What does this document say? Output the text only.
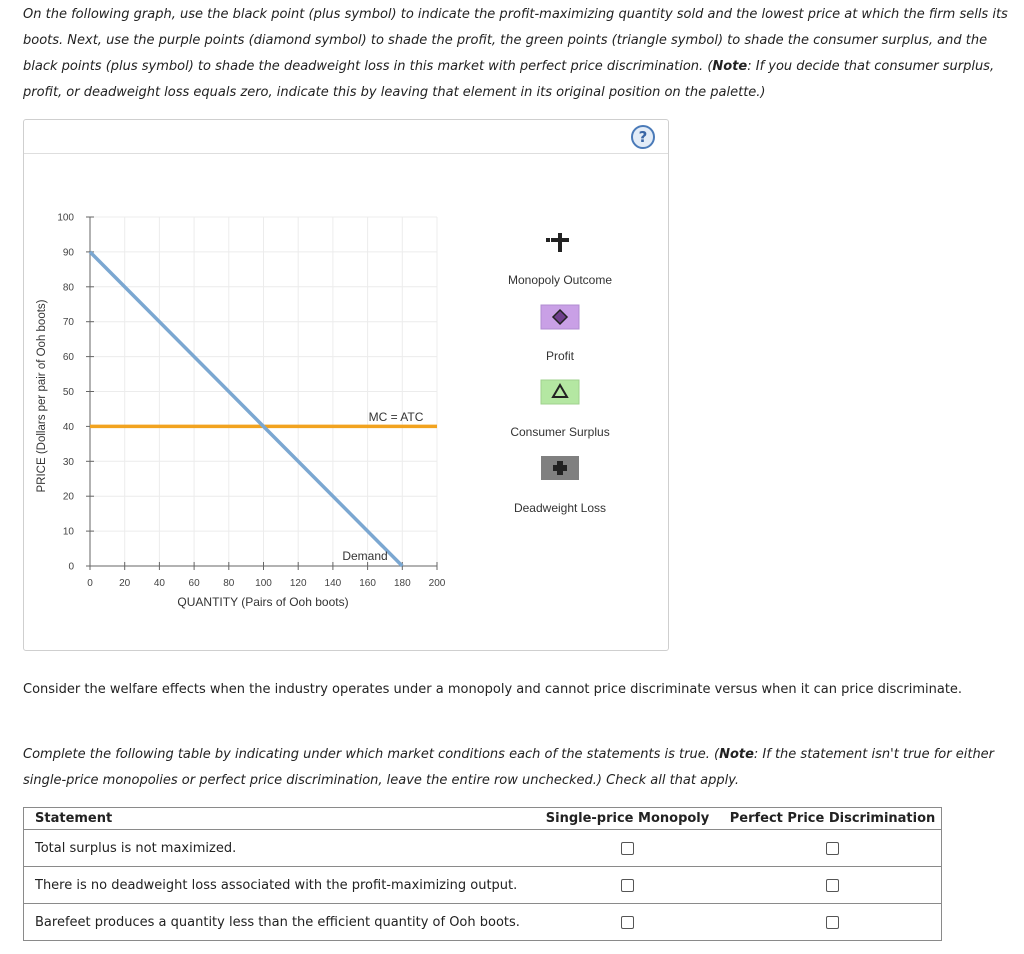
On the following graph, use the black point (plus symbol) to indicate the profit-maximizing quantity sold and the lowest price at which the firm sells its boots. Next, use the purple points (diamond symbol) to shade the profit, the green points (triangle symbol) to shade the consumer surplus, and the black points (plus symbol) to shade the deadweight loss in this market with perfect price discrimination. (Note: If you decide that consumer surplus, profit, or deadweight loss equals zero, indicate this by leaving that element in its original position on the palette.)
?
0
10
20
30
40
50
60
70
80
90
100
0	20 40 60 80 100 120 140 160 180 200
PRICE (Dollars per pair of Ooh boots)
QUANTITY (Pairs of Ooh boots)
MC = ATC
Demand
Monopoly Outcome
Profit
Consumer Surplus
Deadweight Loss
Consider the welfare effects when the industry operates under a monopoly and cannot price discriminate versus when it can price discriminate.
Complete the following table by indicating under which market conditions each of the statements is true. (Note: If the statement isn't true for either single-price monopolies or perfect price discrimination, leave the entire row unchecked.) Check all that apply.
Statement	Single-price Monopoly	Perfect Price Discrimination
Total surplus is not maximized.		
There is no deadweight loss associated with the profit-maximizing output.		
Barefeet produces a quantity less than the efficient quantity of Ooh boots.		
